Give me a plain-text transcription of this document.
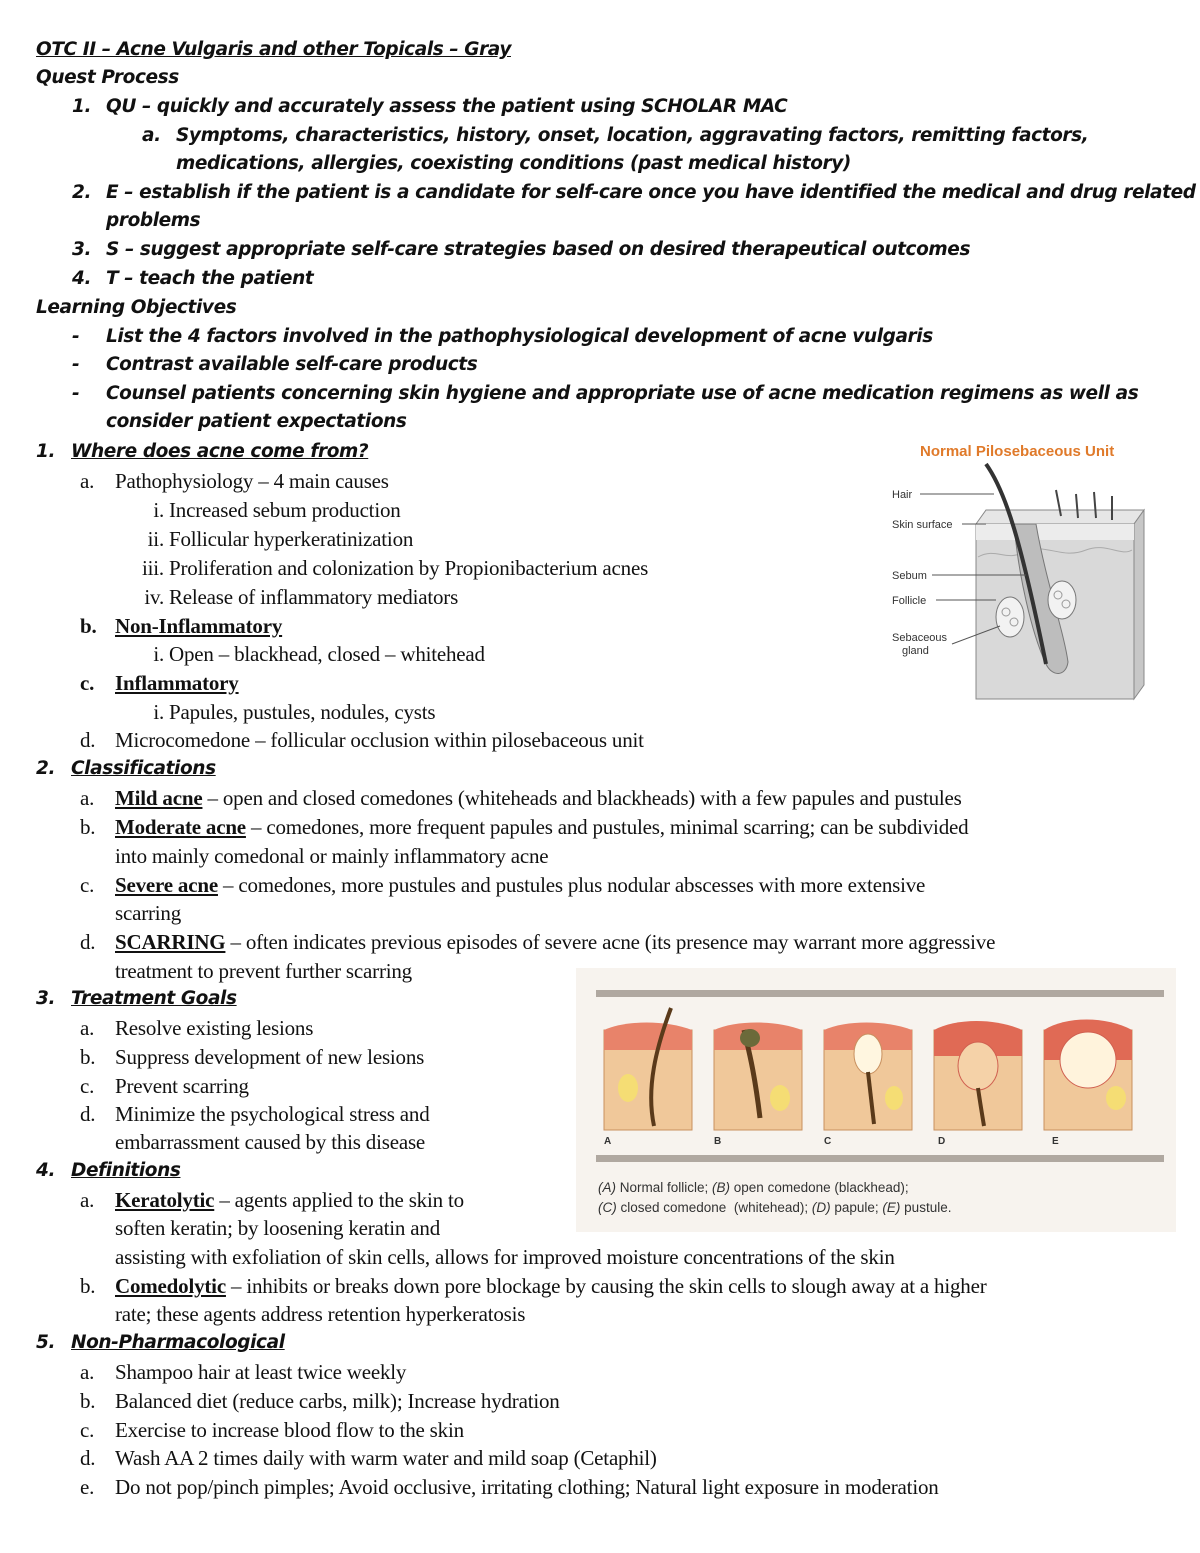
OTC II – Acne Vulgaris and other Topicals – Gray
Quest Process
1. QU – quickly and accurately assess the patient using SCHOLAR MAC
a. Symptoms, characteristics, history, onset, location, aggravating factors, remitting factors,
medications, allergies, coexisting conditions (past medical history)
2. E – establish if the patient is a candidate for self-care once you have identified the medical and drug related
problems
3. S – suggest appropriate self-care strategies based on desired therapeutical outcomes
4. T – teach the patient
Learning Objectives
- List the 4 factors involved in the pathophysiological development of acne vulgaris
- Contrast available self-care products
- Counsel patients concerning skin hygiene and appropriate use of acne medication regimens as well as
consider patient expectations
1. Where does acne come from?
a. Pathophysiology – 4 main causes
i. Increased sebum production
ii. Follicular hyperkeratinization
iii. Proliferation and colonization by Propionibacterium acnes
iv. Release of inflammatory mediators
b. Non-Inflammatory
i. Open – blackhead, closed – whitehead
c. Inflammatory
i. Papules, pustules, nodules, cysts
d. Microcomedone – follicular occlusion within pilosebaceous unit
2. Classifications
a. Mild acne – open and closed comedones (whiteheads and blackheads) with a few papules and pustules
b. Moderate acne – comedones, more frequent papules and pustules, minimal scarring; can be subdivided
into mainly comedonal or mainly inflammatory acne
c. Severe acne – comedones, more pustules and pustules plus nodular abscesses with more extensive
scarring
d. SCARRING – often indicates previous episodes of severe acne (its presence may warrant more aggressive
treatment to prevent further scarring
3. Treatment Goals
a. Resolve existing lesions
b. Suppress development of new lesions
c. Prevent scarring
d. Minimize the psychological stress and
embarrassment caused by this disease
4. Definitions
a. Keratolytic – agents applied to the skin to
soften keratin; by loosening keratin and
assisting with exfoliation of skin cells, allows for improved moisture concentrations of the skin
b. Comedolytic – inhibits or breaks down pore blockage by causing the skin cells to slough away at a higher
rate; these agents address retention hyperkeratosis
5. Non-Pharmacological
a. Shampoo hair at least twice weekly
b. Balanced diet (reduce carbs, milk); Increase hydration
c. Exercise to increase blood flow to the skin
d. Wash AA 2 times daily with warm water and mild soap (Cetaphil)
e. Do not pop/pinch pimples; Avoid occlusive, irritating clothing; Natural light exposure in moderation
Normal Pilosebaceous Unit
Hair
Skin surface
Sebum
Follicle
Sebaceous
gland
A	B	C	D	E
(A) Normal follicle; (B) open comedone (blackhead);
(C) closed comedone  (whitehead); (D) papule; (E) pustule.
